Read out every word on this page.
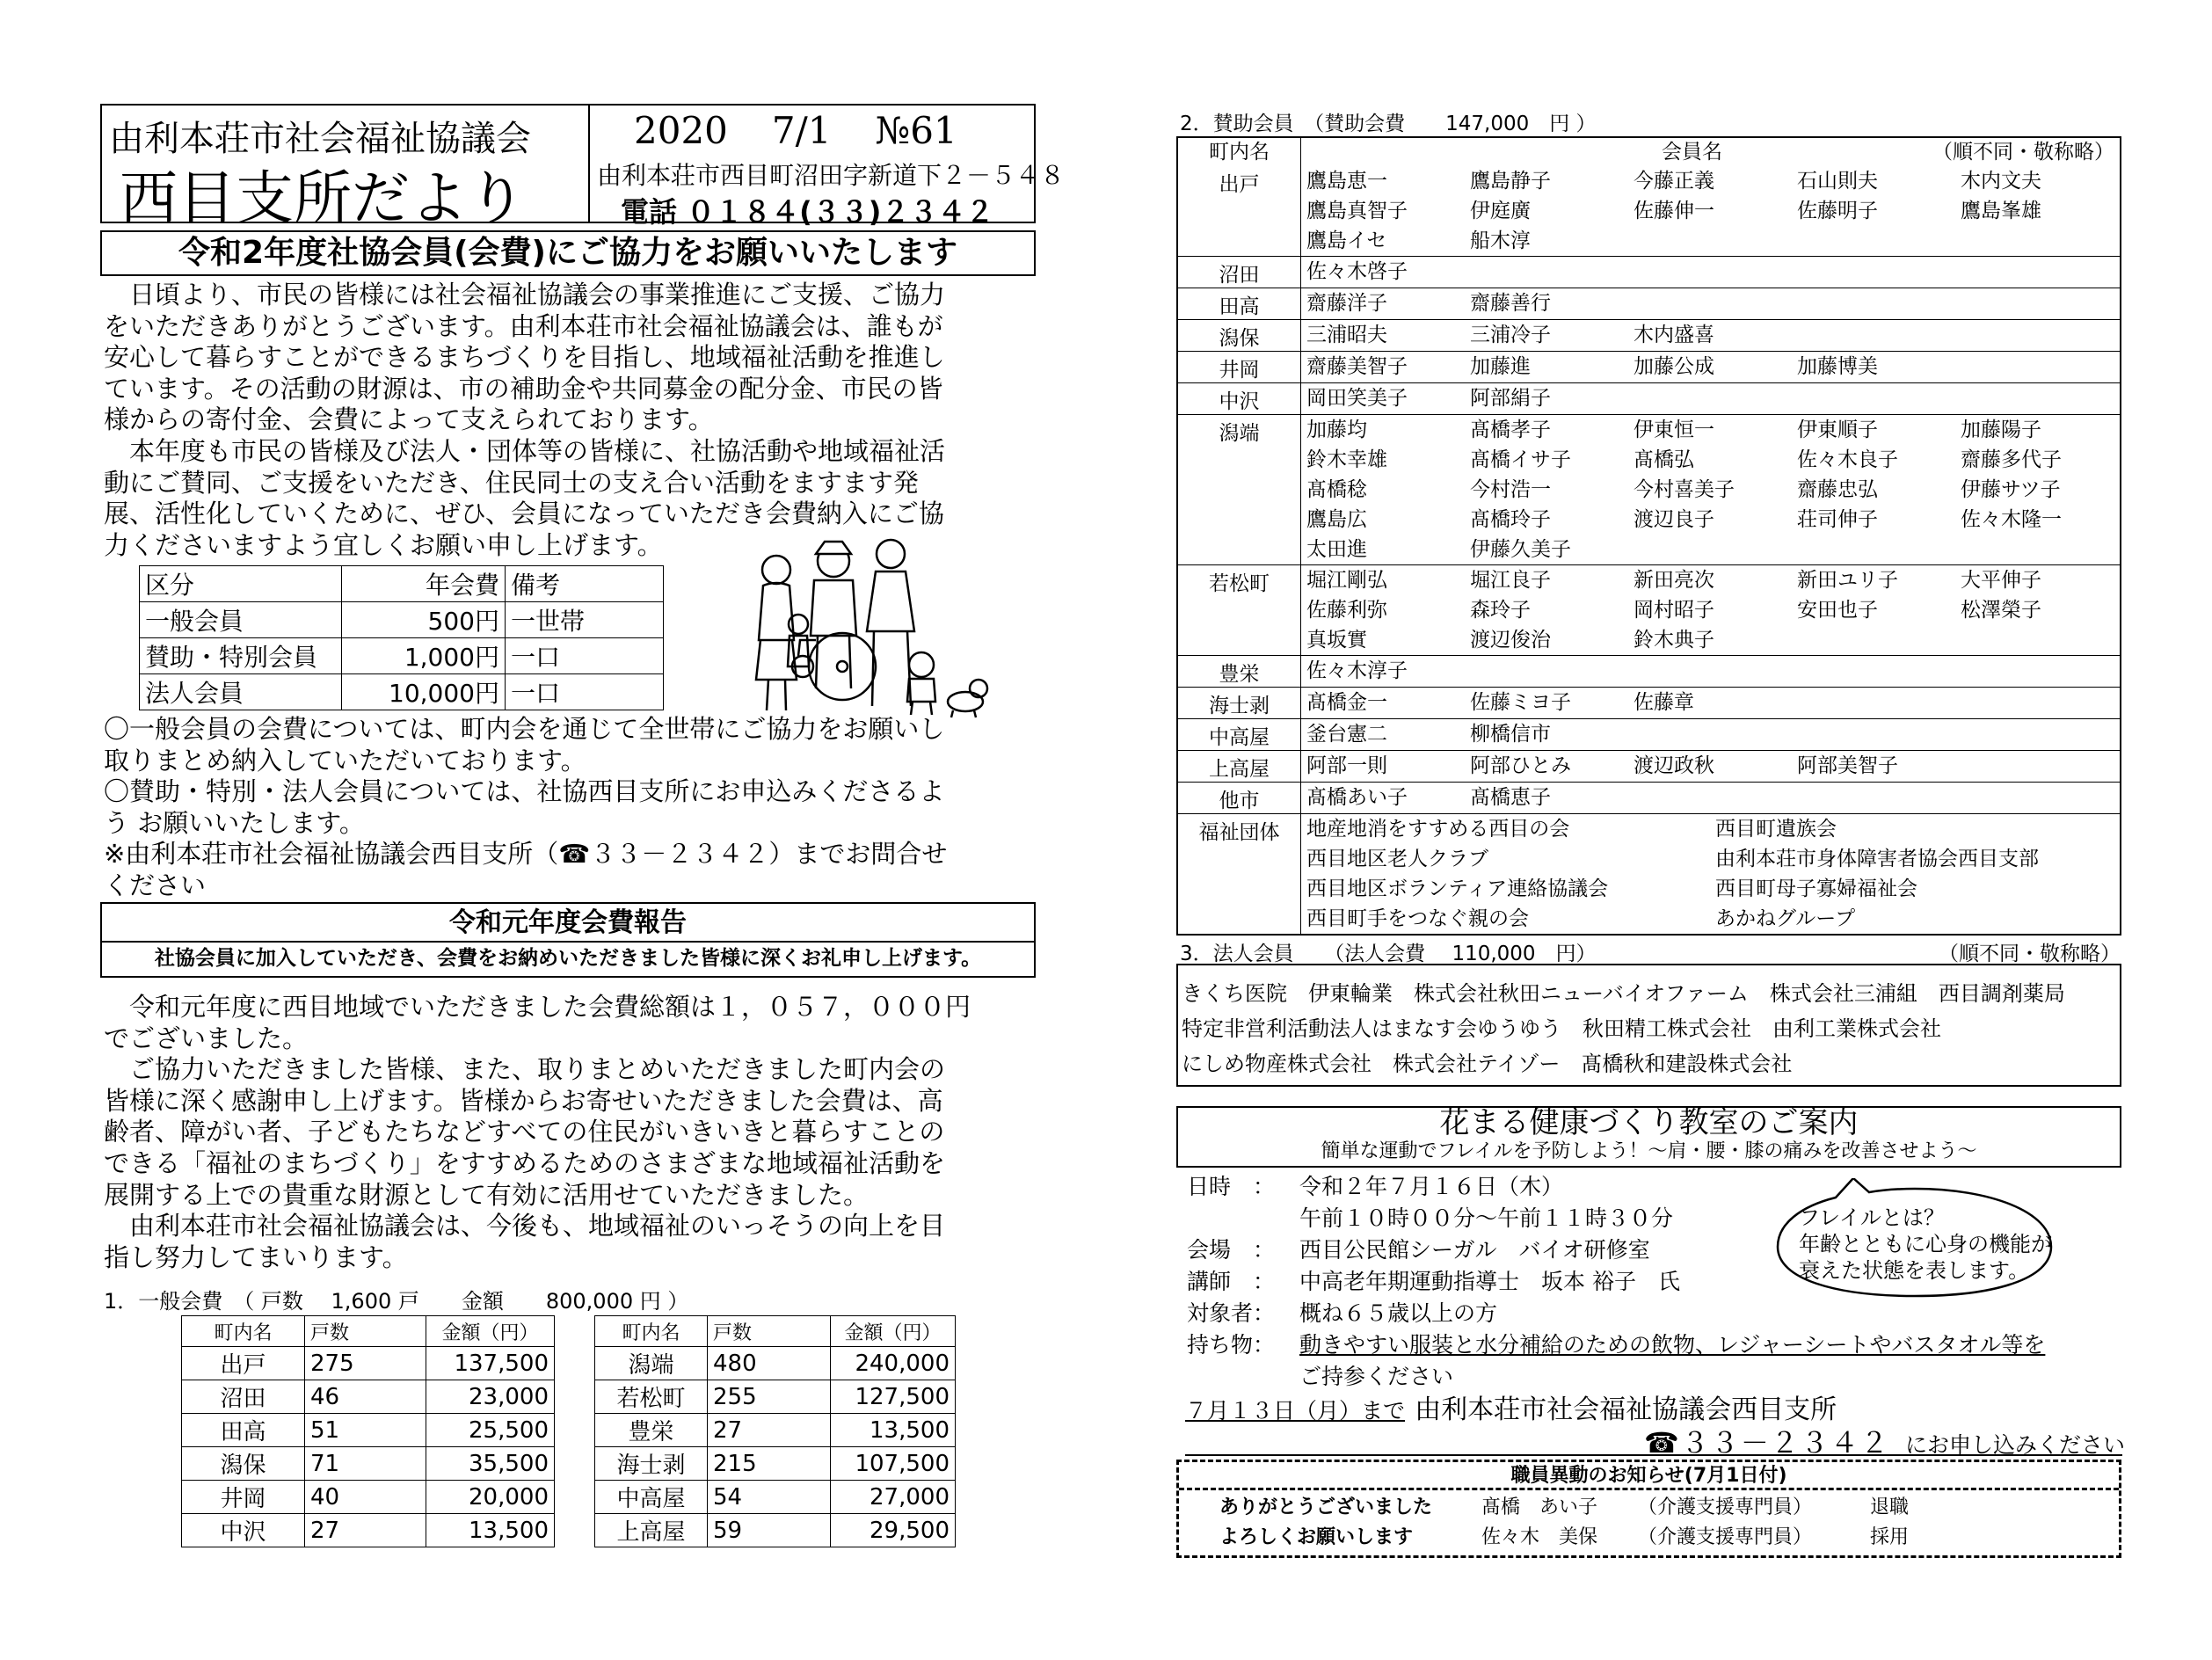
由利本荘市社会福祉協議会
西目支所だより
2020 7/1 №61
由利本荘市西目町沼田字新道下２－５４８
電話 ０１８４(３３)２３４２
令和2年度社協会員(会費)にご協力をお願いいたします

　日頃より、市民の皆様には社会福祉協議会の事業推進にご支援、ご協力

をいただきありがとうございます。由利本荘市社会福祉協議会は、誰もが

安心して暮らすことができるまちづくりを目指し、地域福祉活動を推進し

ています。その活動の財源は、市の補助金や共同募金の配分金、市民の皆

様からの寄付金、会費によって支えられております。

　本年度も市民の皆様及び法人・団体等の皆様に、社協活動や地域福祉活

動にご賛同、ご支援をいただき、住民同士の支え合い活動をますます発

展、活性化していくために、ぜひ、会員になっていただき会費納入にご協

力くださいますよう宜しくお願い申し上げます。

区分	年会費	備考
一般会員	500円	一世帯
賛助・特別会員	1,000円	一口
法人会員	10,000円	一口

〇一般会員の会費については、町内会を通じて全世帯にご協力をお願いし

取りまとめ納入していただいております。

〇賛助・特別・法人会員については、社協西目支所にお申込みくださるよ

う お願いいたします。

※由利本荘市社会福祉協議会西目支所（☎３３－２３４２）までお問合せ

ください

令和元年度会費報告
社協会員に加入していただき、会費をお納めいただきました皆様に深くお礼申し上げます。

　令和元年度に西目地域でいただきました会費総額は１，０５７，０００円

でございました。

　ご協力いただきました皆様、また、取りまとめいただきました町内会の

皆様に深く感謝申し上げます。皆様からお寄せいただきました会費は、高

齢者、障がい者、子どもたちなどすべての住民がいきいきと暮らすことの

できる「福祉のまちづくり」をすすめるためのさまざまな地域福祉活動を

展開する上での貴重な財源として有効に活用せていただきました。

　由利本荘市社会福祉協議会は、今後も、地域福祉のいっそうの向上を目

指し努力してまいります。

1．一般会費　（ 戸数　 1,600 戸　　金額　　800,000 円 ）
町内名	戸数	金額（円）
出戸	275	137,500
沼田	46	23,000
田高	51	25,500
潟保	71	35,500
井岡	40	20,000
中沢	27	13,500
町内名	戸数	金額（円）
潟端	480	240,000
若松町	255	127,500
豊栄	27	13,500
海士剥	215	107,500
中高屋	54	27,000
上高屋	59	29,500
2．賛助会員　（賛助会費　　147,000　円 ）
町内名	会員名	（順不同・敬称略）
出戸	鷹島恵一	鷹島静子	今藤正義	石山則夫	木内文夫
鷹島真智子	伊庭廣	佐藤伸一	佐藤明子	鷹島峯雄
鷹島イセ	船木淳
沼田	佐々木啓子
田高	齋藤洋子	齋藤善行
潟保	三浦昭夫	三浦冷子	木内盛喜
井岡	齋藤美智子	加藤進	加藤公成	加藤博美
中沢	岡田笑美子	阿部絹子
潟端	加藤均	髙橋孝子	伊東恒一	伊東順子	加藤陽子
鈴木幸雄	髙橋イサ子	髙橋弘	佐々木良子	齋藤多代子
髙橋稔	今村浩一	今村喜美子	齋藤忠弘	伊藤サツ子
鷹島広	髙橋玲子	渡辺良子	荘司伸子	佐々木隆一
太田進	伊藤久美子
若松町	堀江剛弘	堀江良子	新田亮次	新田ユリ子	大平伸子
佐藤利弥	森玲子	岡村昭子	安田也子	松澤榮子
真坂實	渡辺俊治	鈴木典子
豊栄	佐々木淳子
海士剥	髙橋金一	佐藤ミヨ子	佐藤章
中高屋	釜台憲二	柳橋信市
上高屋	阿部一則	阿部ひとみ	渡辺政秋	阿部美智子
他市	髙橋あい子	髙橋恵子
福祉団体	地産地消をすすめる西目の会	西目町遺族会
西目地区老人クラブ	由利本荘市身体障害者協会西目支部
西目地区ボランティア連絡協議会	西目町母子寡婦福祉会
西目町手をつなぐ親の会	あかねグループ
3．法人会員　　（法人会費　 110,000　円）	（順不同・敬称略）

きくち医院　伊東輪業　株式会社秋田ニューバイオファーム　株式会社三浦組　西目調剤薬局

特定非営利活動法人はまなす会ゆうゆう　秋田精工株式会社　由利工業株式会社

にしめ物産株式会社　株式会社テイゾー　髙橋秋和建設株式会社

花まる健康づくり教室のご案内
簡単な運動でフレイルを予防しよう！～肩・腰・膝の痛みを改善させよう～
日時　： 令和２年７月１６日（木）
午前１０時００分～午前１１時３０分
会場　： 西目公民館シーガル　バイオ研修室
講師　： 中高老年期運動指導士　坂本 裕子　氏
対象者： 概ね６５歳以上の方
持ち物： 動きやすい服装と水分補給のための飲物、レジャーシートやバスタオル等を
ご持参ください
フレイルとは？
年齢とともに心身の機能が
衰えた状態を表します。
７月１３日（月）まで 由利本荘市社会福祉協議会西目支所
☎３３－２３４２ にお申し込みください
職員異動のお知らせ(7月1日付)
ありがとうございました	髙橋　あい子 （介護支援専門員）	退職
よろしくお願いします	佐々木　美保 （介護支援専門員）	採用
